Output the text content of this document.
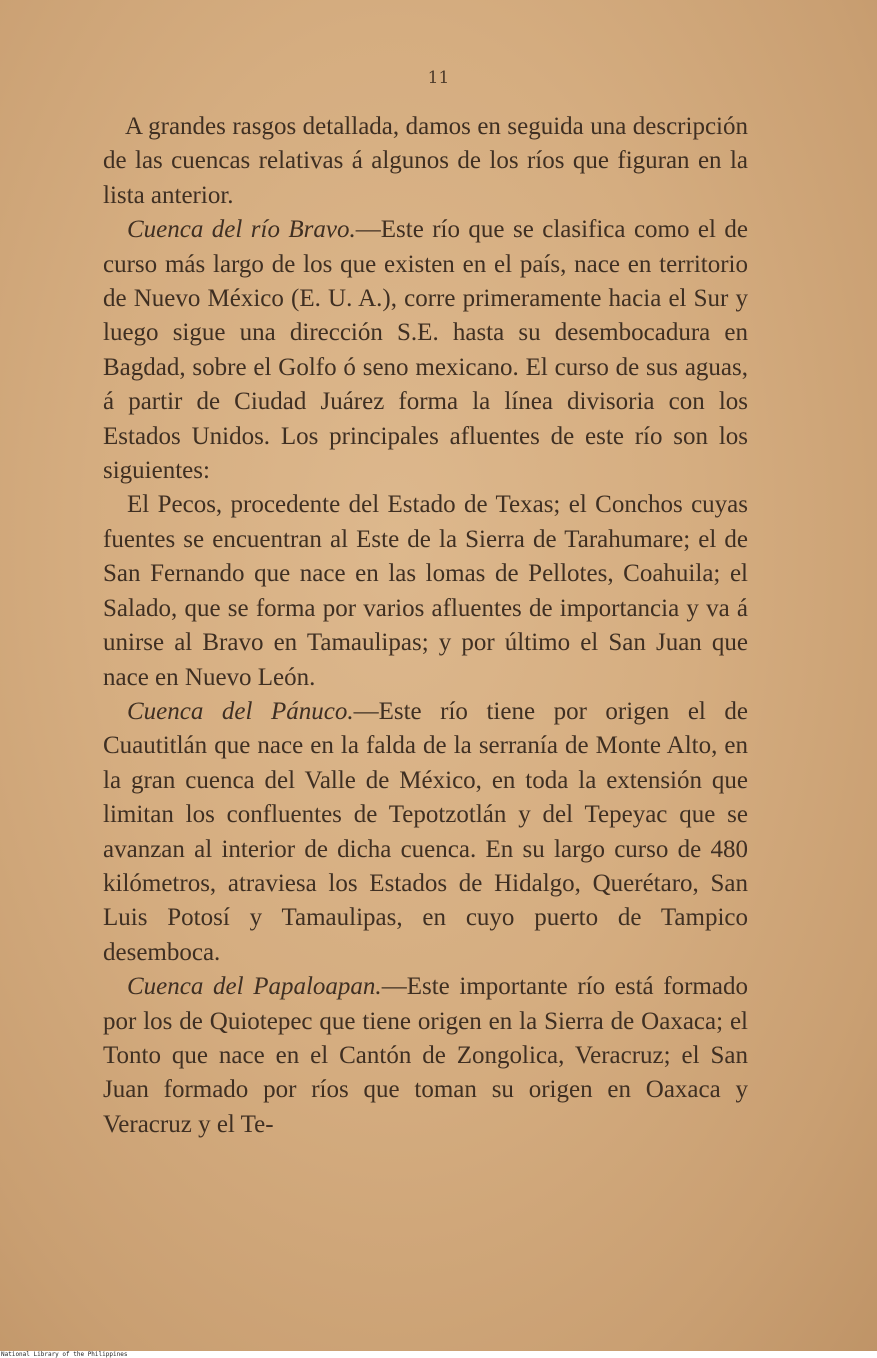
11

A grandes rasgos detallada, damos en seguida una descripción de las cuencas relativas á algunos de los ríos que figuran en la lista anterior.

Cuenca del río Bravo.—Este río que se clasifica como el de curso más largo de los que existen en el país, nace en territorio de Nuevo México (E. U. A.), corre primeramente hacia el Sur y luego sigue una dirección S.E. hasta su desembocadura en Bagdad, sobre el Golfo ó seno mexicano. El curso de sus aguas, á partir de Ciudad Juárez forma la línea divisoria con los Estados Unidos. Los principales afluentes de este río son los siguientes:

El Pecos, procedente del Estado de Texas; el Conchos cuyas fuentes se encuentran al Este de la Sierra de Tarahumare; el de San Fernando que nace en las lomas de Pellotes, Coahuila; el Salado, que se forma por varios afluentes de importancia y va á unirse al Bravo en Tamaulipas; y por último el San Juan que nace en Nuevo León.

Cuenca del Pánuco.—Este río tiene por origen el de Cuautitlán que nace en la falda de la serranía de Monte Alto, en la gran cuenca del Valle de México, en toda la extensión que limitan los confluentes de Tepotzotlán y del Tepeyac que se avanzan al interior de dicha cuenca. En su largo curso de 480 kilómetros, atraviesa los Estados de Hidalgo, Querétaro, San Luis Potosí y Tamaulipas, en cuyo puerto de Tampico desemboca.

Cuenca del Papaloapan.—Este importante río está formado por los de Quiotepec que tiene origen en la Sierra de Oaxaca; el Tonto que nace en el Cantón de Zongolica, Veracruz; el San Juan formado por ríos que toman su origen en Oaxaca y Veracruz y el Te-

National Library of the Philippines
